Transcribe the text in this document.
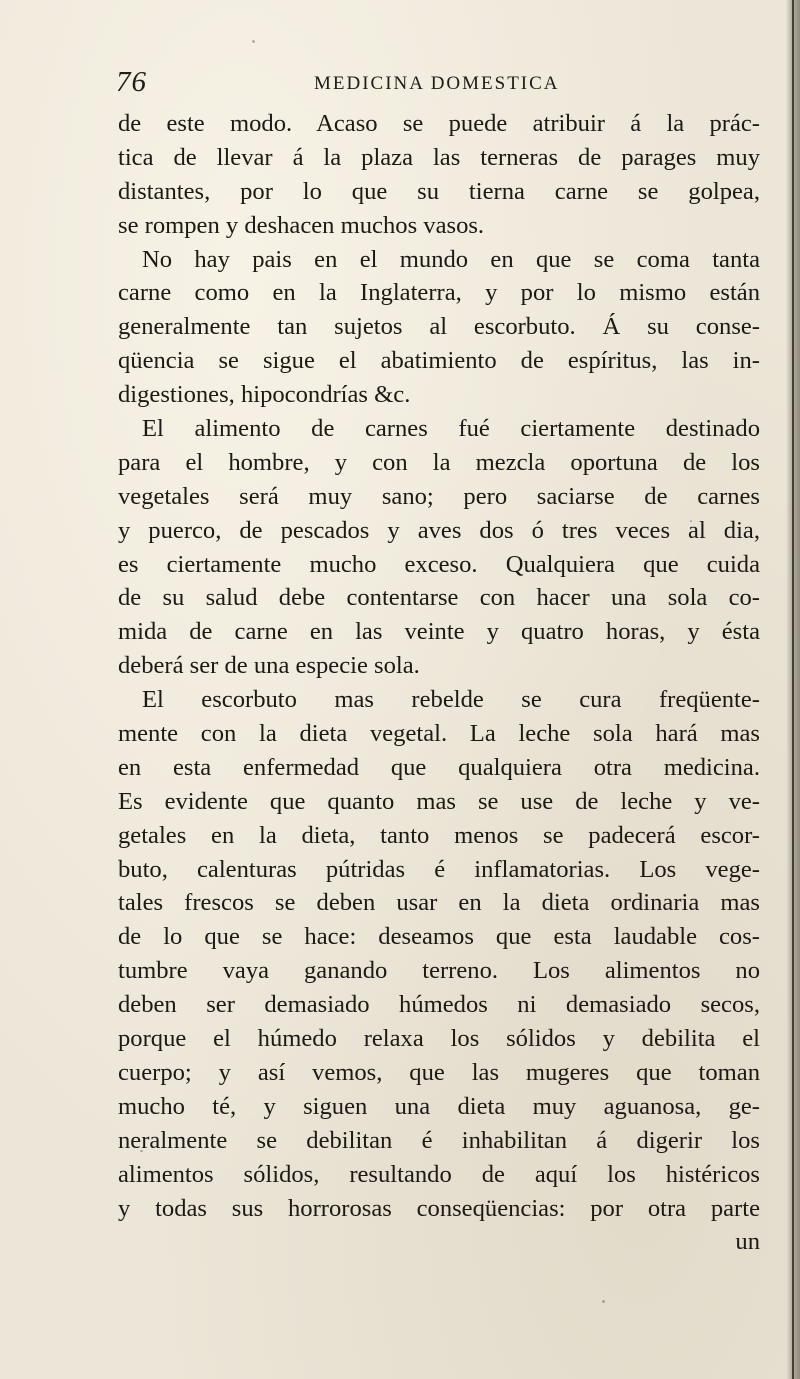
76	MEDICINA DOMESTICA
de este modo. Acaso se puede atribuir á la prác-
tica de llevar á la plaza las terneras de parages muy
distantes, por lo que su tierna carne se golpea,
se rompen y deshacen muchos vasos.
No hay pais en el mundo en que se coma tanta
carne como en la Inglaterra, y por lo mismo están
generalmente tan sujetos al escorbuto. Á su conse-
qüencia se sigue el abatimiento de espíritus, las in-
digestiones, hipocondrías &c.
El alimento de carnes fué ciertamente destinado
para el hombre, y con la mezcla oportuna de los
vegetales será muy sano; pero saciarse de carnes
y puerco, de pescados y aves dos ó tres veces al dia,
es ciertamente mucho exceso. Qualquiera que cuida
de su salud debe contentarse con hacer una sola co-
mida de carne en las veinte y quatro horas, y ésta
deberá ser de una especie sola.
El escorbuto mas rebelde se cura freqüente-
mente con la dieta vegetal. La leche sola hará mas
en esta enfermedad que qualquiera otra medicina.
Es evidente que quanto mas se use de leche y ve-
getales en la dieta, tanto menos se padecerá escor-
buto, calenturas pútridas é inflamatorias. Los vege-
tales frescos se deben usar en la dieta ordinaria mas
de lo que se hace: deseamos que esta laudable cos-
tumbre vaya ganando terreno. Los alimentos no
deben ser demasiado húmedos ni demasiado secos,
porque el húmedo relaxa los sólidos y debilita el
cuerpo; y así vemos, que las mugeres que toman
mucho té, y siguen una dieta muy aguanosa, ge-
neralmente se debilitan é inhabilitan á digerir los
alimentos sólidos, resultando de aquí los histéricos
y todas sus horrorosas conseqüencias: por otra parte
un
